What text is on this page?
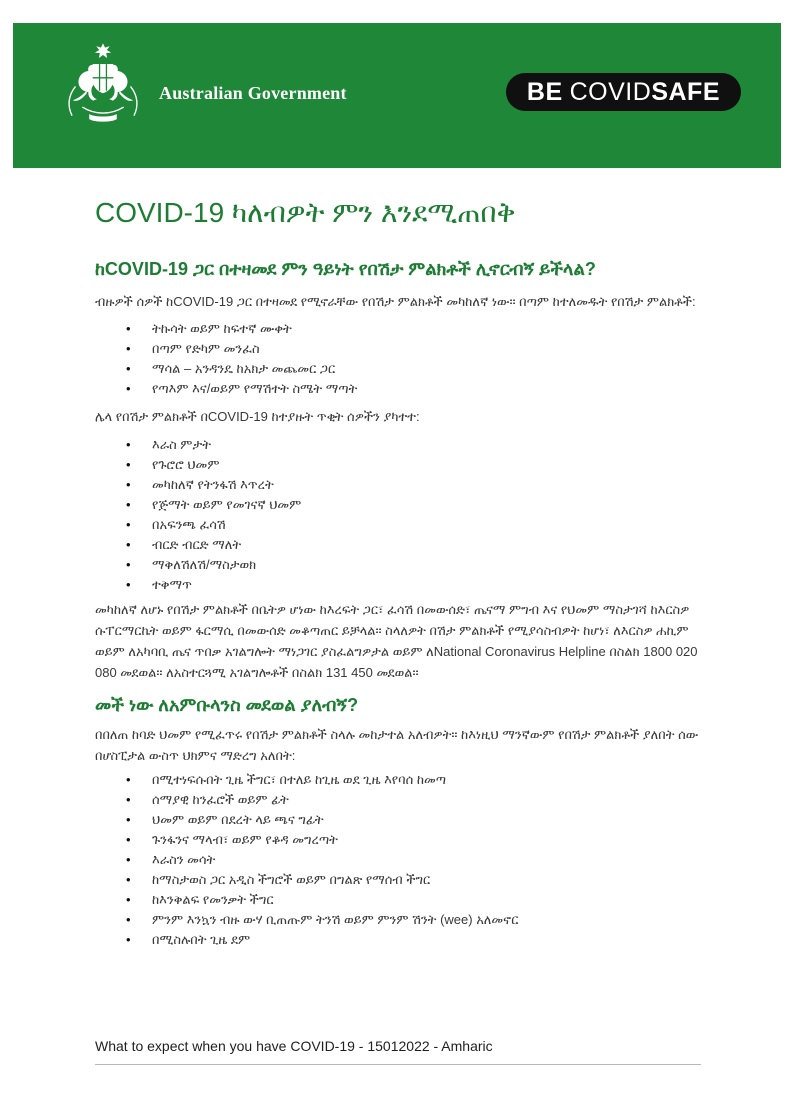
Australian Government	BE COVID SAFE
COVID-19 ካለብዎት ምን እንደሚጠበቅ
ከCOVID-19 ጋር በተዛመደ ምን ዓይነት የበሽታ ምልክቶች ሊኖርብኝ ይችላል?

ብዙዎች ሰዎች ከCOVID-19 ጋር በተዛመደ የሚኖራቸው የበሽታ ምልክቶች መካከለኛ ነው። በጣም ከተለመዱት የበሽታ ምልክቶች:

• ትኩሳት ወይም ከፍተኛ ሙቀት
• በጣም የድካም መንፈስ
• ማሳል – አንዳንዴ ከአክታ መጨመር ጋር
• የጣእም እና/ወይም የማሽተት ስሜት ማጣት

ሌላ የበሽታ ምልክቶች በCOVID-19 ከተያዙት ጥቂት ሰዎችን ያካተተ:

• እራስ ምታት
• የጉሮሮ ህመም
• መካከለኛ የትንፋሽ እጥረት
• የጅማት ወይም የመገናኛ ህመም
• በአፍንጫ ፈሳሽ
• ብርድ ብርድ ማለት
• ማቅለሽለሽ/ማስታወክ
• ተቅማጥ

መካከለኛ ለሆኑ የበሽታ ምልክቶች በቤትዎ ሆነው ከእረፍት ጋር፣ ፈሳሽ በመውሰድ፣ ጤናማ ምግብ እና የህመም ማስታገሻ ከእርስዎ ሱፐርማርኬት ወይም ፋርማሲ በመውሰድ መቆጣጠር ይቻላል። ስላለዎት በሽታ ምልክቶች የሚያሳስብዎት ከሆነ፣ ለእርስዎ ሐኪም ወይም ለአካባቢ ጤና ጥበቃ አገልግሎት ማነጋገር ያስፈልግዎታል ወይም ለNational Coronavirus Helpline በስልክ 1800 020 080 መደወል። ለአስተርጓሚ አገልግሎቶች በስልክ 131 450 መደወል።

መች ነው ለአምቡላንስ መደወል ያለብኝ?

በበለጠ ከባድ ህመም የሚፈጥሩ የበሽታ ምልክቶች ስላሉ መከታተል አለብዎት። ከእነዚህ ማንኛውም የበሽታ ምልክቶች ያለበት ሰው በሆስፒታል ውስጥ ህክምና ማድረግ አለበት:

• በሚተነፍሱበት ጊዜ ችግር፣ በተለይ ከጊዜ ወደ ጊዜ እየባሰ ከመጣ
• ሰማያዊ ከንፈሮች ወይም ፊት
• ህመም ወይም በደረት ላይ ጫና ግፊት
• ጉንፋንና ማላብ፣ ወይም የቆዳ መግረጣት
• እራስን መሳት
• ከማስታወስ ጋር አዲስ ችግሮች ወይም በግልጽ የማሰብ ችግር
• ከእንቅልፍ የመንቃት ችግር
• ምንም እንኳን ብዙ ውሃ ቢጠጡም ትንሽ ወይም ምንም ሽንት (wee) አለመኖር
• በሚስሉበት ጊዜ ደም
What to expect when you have COVID-19 - 15012022 - Amharic
